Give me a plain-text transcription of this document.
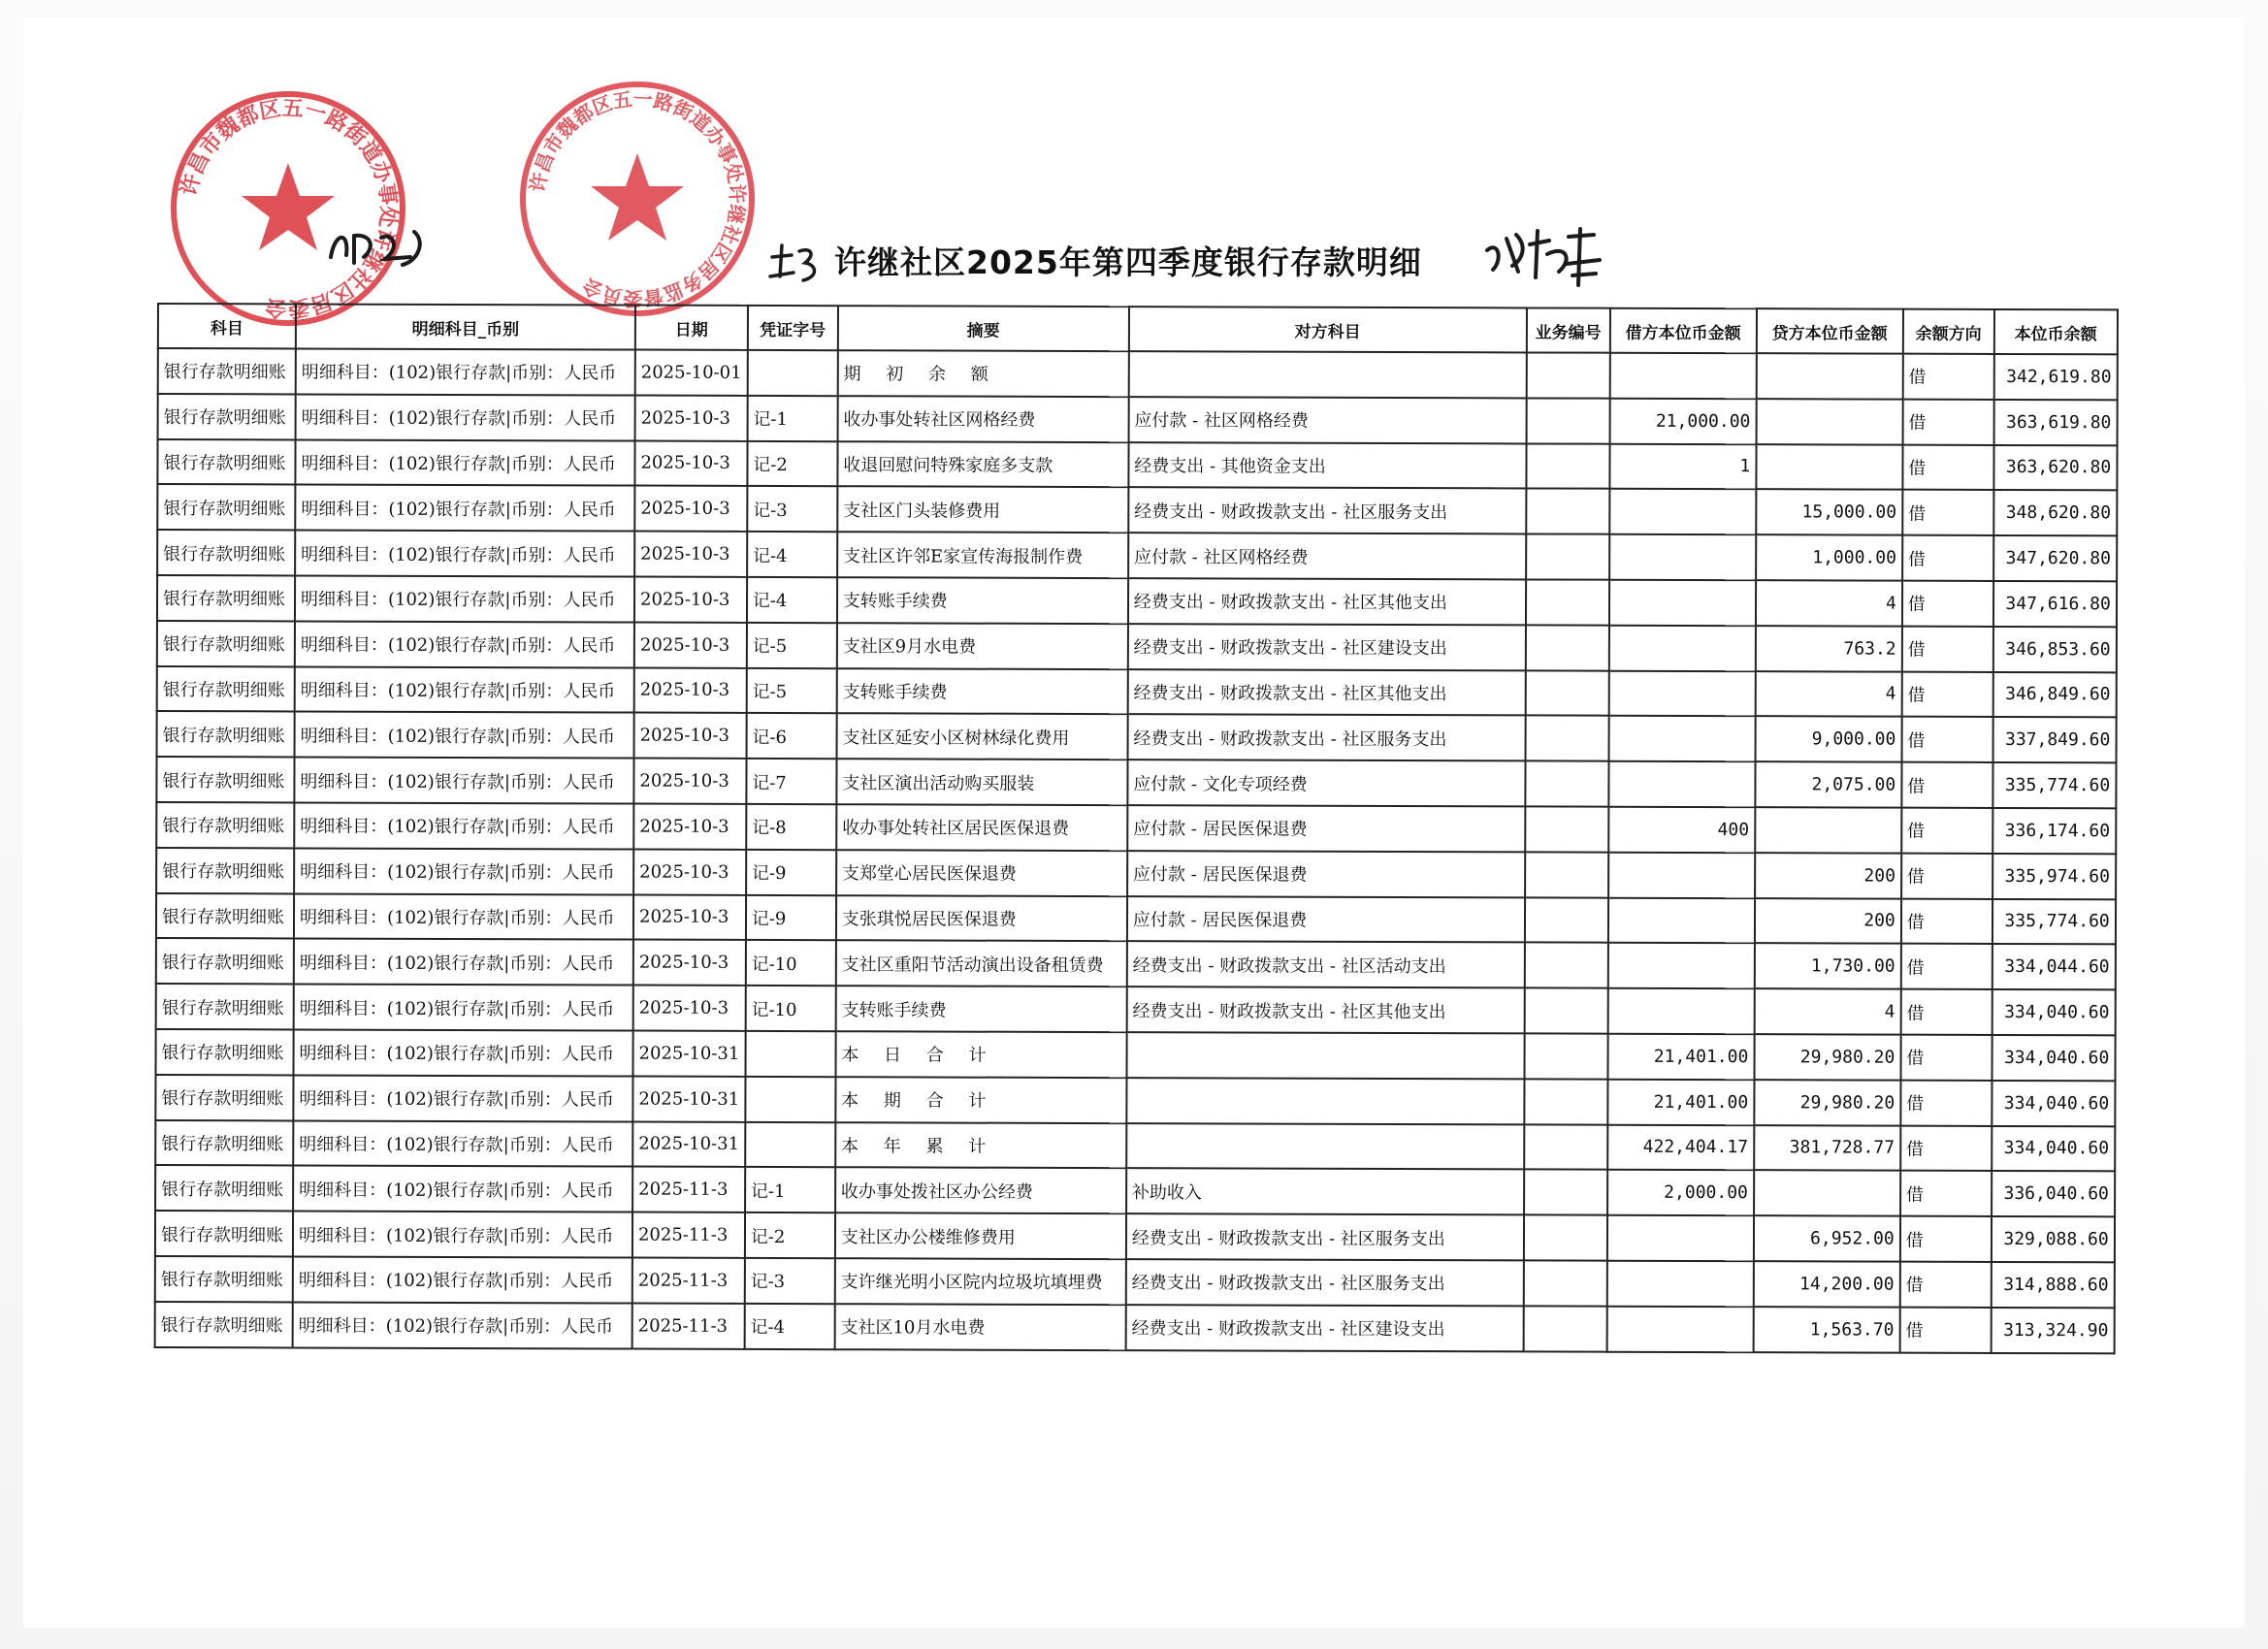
许昌市魏都区五一路街道办事处许继社区居委会
许昌市魏都区五一路街道办事处许继社区居务监督委员会
许继社区2025年第四季度银行存款明细
科目	明细科目_币别	日期	凭证字号	摘要	对方科目	业务编号	借方本位币金额	贷方本位币金额	余额方向	本位币余额
银行存款明细账	明细科目：(102)银行存款|币别：人民币	2025-10-01		期 初 余 额					借	342,619.80
银行存款明细账	明细科目：(102)银行存款|币别：人民币	2025-10-3	记-1	收办事处转社区网格经费	应付款 - 社区网格经费		21,000.00		借	363,619.80
银行存款明细账	明细科目：(102)银行存款|币别：人民币	2025-10-3	记-2	收退回慰问特殊家庭多支款	经费支出 - 其他资金支出		1		借	363,620.80
银行存款明细账	明细科目：(102)银行存款|币别：人民币	2025-10-3	记-3	支社区门头装修费用	经费支出 - 财政拨款支出 - 社区服务支出			15,000.00	借	348,620.80
银行存款明细账	明细科目：(102)银行存款|币别：人民币	2025-10-3	记-4	支社区许邻E家宣传海报制作费	应付款 - 社区网格经费			1,000.00	借	347,620.80
银行存款明细账	明细科目：(102)银行存款|币别：人民币	2025-10-3	记-4	支转账手续费	经费支出 - 财政拨款支出 - 社区其他支出			4	借	347,616.80
银行存款明细账	明细科目：(102)银行存款|币别：人民币	2025-10-3	记-5	支社区9月水电费	经费支出 - 财政拨款支出 - 社区建设支出			763.2	借	346,853.60
银行存款明细账	明细科目：(102)银行存款|币别：人民币	2025-10-3	记-5	支转账手续费	经费支出 - 财政拨款支出 - 社区其他支出			4	借	346,849.60
银行存款明细账	明细科目：(102)银行存款|币别：人民币	2025-10-3	记-6	支社区延安小区树林绿化费用	经费支出 - 财政拨款支出 - 社区服务支出			9,000.00	借	337,849.60
银行存款明细账	明细科目：(102)银行存款|币别：人民币	2025-10-3	记-7	支社区演出活动购买服装	应付款 - 文化专项经费			2,075.00	借	335,774.60
银行存款明细账	明细科目：(102)银行存款|币别：人民币	2025-10-3	记-8	收办事处转社区居民医保退费	应付款 - 居民医保退费		400		借	336,174.60
银行存款明细账	明细科目：(102)银行存款|币别：人民币	2025-10-3	记-9	支郑堂心居民医保退费	应付款 - 居民医保退费			200	借	335,974.60
银行存款明细账	明细科目：(102)银行存款|币别：人民币	2025-10-3	记-9	支张琪悦居民医保退费	应付款 - 居民医保退费			200	借	335,774.60
银行存款明细账	明细科目：(102)银行存款|币别：人民币	2025-10-3	记-10	支社区重阳节活动演出设备租赁费	经费支出 - 财政拨款支出 - 社区活动支出			1,730.00	借	334,044.60
银行存款明细账	明细科目：(102)银行存款|币别：人民币	2025-10-3	记-10	支转账手续费	经费支出 - 财政拨款支出 - 社区其他支出			4	借	334,040.60
银行存款明细账	明细科目：(102)银行存款|币别：人民币	2025-10-31		本 日 合 计			21,401.00	29,980.20	借	334,040.60
银行存款明细账	明细科目：(102)银行存款|币别：人民币	2025-10-31		本 期 合 计			21,401.00	29,980.20	借	334,040.60
银行存款明细账	明细科目：(102)银行存款|币别：人民币	2025-10-31		本 年 累 计			422,404.17	381,728.77	借	334,040.60
银行存款明细账	明细科目：(102)银行存款|币别：人民币	2025-11-3	记-1	收办事处拨社区办公经费	补助收入		2,000.00		借	336,040.60
银行存款明细账	明细科目：(102)银行存款|币别：人民币	2025-11-3	记-2	支社区办公楼维修费用	经费支出 - 财政拨款支出 - 社区服务支出			6,952.00	借	329,088.60
银行存款明细账	明细科目：(102)银行存款|币别：人民币	2025-11-3	记-3	支许继光明小区院内垃圾坑填埋费	经费支出 - 财政拨款支出 - 社区服务支出			14,200.00	借	314,888.60
银行存款明细账	明细科目：(102)银行存款|币别：人民币	2025-11-3	记-4	支社区10月水电费	经费支出 - 财政拨款支出 - 社区建设支出			1,563.70	借	313,324.90
